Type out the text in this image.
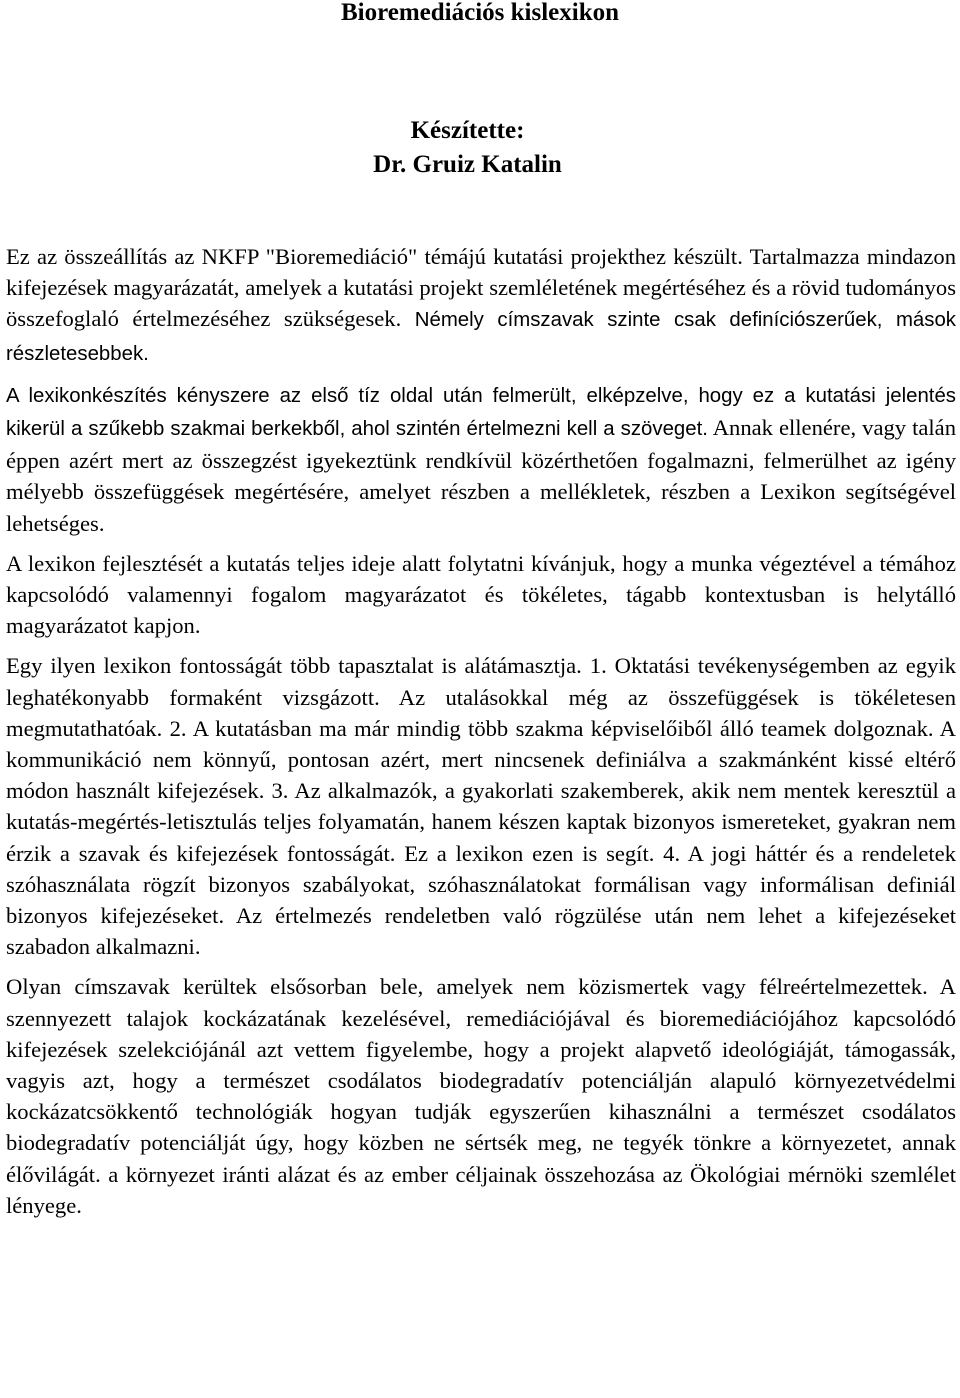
Bioremediációs kislexikon
Készítette:
Dr. Gruiz Katalin

Ez az összeállítás az NKFP "Bioremediáció" témájú kutatási projekthez készült. Tartalmazza mindazon kifejezések magyarázatát, amelyek a kutatási projekt szemléletének megértéséhez és a rövid tudományos összefoglaló értelmezéséhez szükségesek. Némely címszavak szinte csak definíciószerűek, mások részletesebbek.

A lexikonkészítés kényszere az első tíz oldal után felmerült, elképzelve, hogy ez a kutatási jelentés kikerül a szűkebb szakmai berkekből, ahol szintén értelmezni kell a szöveget. Annak ellenére, vagy talán éppen azért mert az összegzést igyekeztünk rendkívül közérthetően fogalmazni, felmerülhet az igény mélyebb összefüggések megértésére, amelyet részben a mellékletek, részben a Lexikon segítségével lehetséges.

A lexikon fejlesztését a kutatás teljes ideje alatt folytatni kívánjuk, hogy a munka végeztével a témához kapcsolódó valamennyi fogalom magyarázatot és tökéletes, tágabb kontextusban is helytálló magyarázatot kapjon.

Egy ilyen lexikon fontosságát több tapasztalat is alátámasztja. 1. Oktatási tevékenységemben az egyik leghatékonyabb formaként vizsgázott. Az utalásokkal még az összefüggések is tökéletesen megmutathatóak. 2. A kutatásban ma már mindig több szakma képviselőiből álló teamek dolgoznak. A kommunikáció nem könnyű, pontosan azért, mert nincsenek definiálva a szakmánként kissé eltérő módon használt kifejezések. 3. Az alkalmazók, a gyakorlati szakemberek, akik nem mentek keresztül a kutatás-megértés-letisztulás teljes folyamatán, hanem készen kaptak bizonyos ismereteket, gyakran nem érzik a szavak és kifejezések fontosságát. Ez a lexikon ezen is segít. 4. A jogi háttér és a rendeletek szóhasználata rögzít bizonyos szabályokat, szóhasználatokat formálisan vagy informálisan definiál bizonyos kifejezéseket. Az értelmezés rendeletben való rögzülése után nem lehet a kifejezéseket szabadon alkalmazni.

Olyan címszavak kerültek elsősorban bele, amelyek nem közismertek vagy félreértelmezettek. A szennyezett talajok kockázatának kezelésével, remediációjával és bioremediációjához kapcsolódó kifejezések szelekciójánál azt vettem figyelembe, hogy a projekt alapvető ideológiáját, támogassák, vagyis azt, hogy a természet csodálatos biodegradatív potenciálján alapuló környezetvédelmi kockázatcsökkentő technológiák hogyan tudják egyszerűen kihasználni a természet csodálatos biodegradatív potenciálját úgy, hogy közben ne sértsék meg, ne tegyék tönkre a környezetet, annak élővilágát. a környezet iránti alázat és az ember céljainak összehozása az Ökológiai mérnöki szemlélet lényege.
